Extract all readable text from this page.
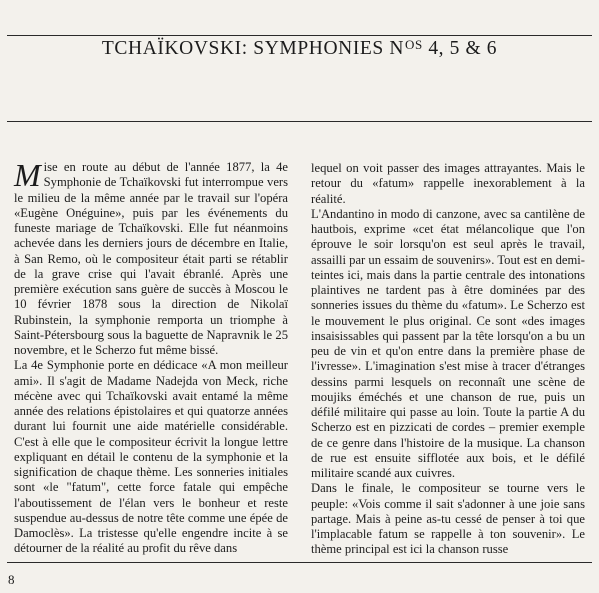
TCHAÏKOVSKI: SYMPHONIES $N^{OS}$ 4, 5 & 6

Mise en route au début de l'année 1877, la 4e Symphonie de Tchaïkovski fut interrompue vers le milieu de la même année par le travail sur l'opéra «Eugène Onéguine», puis par les événements du funeste mariage de Tchaïkovski. Elle fut néanmoins achevée dans les derniers jours de décembre en Italie, à San Remo, où le compositeur était parti se rétablir de la grave crise qui l'avait ébranlé. Après une première exécution sans guère de succès à Moscou le 10 février 1878 sous la direction de Nikolaï Rubinstein, la symphonie remporta un triomphe à Saint-Pétersbourg sous la baguette de Napravnik le 25 novembre, et le Scherzo fut même bissé.

La 4e Symphonie porte en dédicace «A mon meilleur ami». Il s'agit de Madame Nadejda von Meck, riche mécène avec qui Tchaïkovski avait entamé la même année des relations épistolaires et qui quatorze années durant lui fournit une aide matérielle considérable. C'est à elle que le compositeur écrivit la longue lettre expliquant en détail le contenu de la symphonie et la signification de chaque thème. Les sonneries initiales sont «le "fatum", cette force fatale qui empêche l'aboutissement de l'élan vers le bonheur et reste suspendue au-dessus de notre tête comme une épée de Damoclès». La tristesse qu'elle engendre incite à se détourner de la réalité au profit du rêve dans

lequel on voit passer des images attrayantes. Mais le retour du «fatum» rappelle inexorablement à la réalité.

L'Andantino in modo di canzone, avec sa cantilène de hautbois, exprime «cet état mélancolique que l'on éprouve le soir lorsqu'on est seul après le travail, assailli par un essaim de souvenirs». Tout est en demi-teintes ici, mais dans la partie centrale des intonations plaintives ne tardent pas à être dominées par des sonneries issues du thème du «fatum». Le Scherzo est le mouvement le plus original. Ce sont «des images insaisissables qui passent par la tête lorsqu'on a bu un peu de vin et qu'on entre dans la première phase de l'ivresse». L'imagination s'est mise à tracer d'étranges dessins parmi lesquels on reconnaît une scène de moujiks éméchés et une chanson de rue, puis un défilé militaire qui passe au loin. Toute la partie A du Scherzo est en pizzicati de cordes – premier exemple de ce genre dans l'histoire de la musique. La chanson de rue est ensuite sifflotée aux bois, et le défilé militaire scandé aux cuivres.

Dans le finale, le compositeur se tourne vers le peuple: «Vois comme il sait s'adonner à une joie sans partage. Mais à peine as-tu cessé de penser à toi que l'implacable fatum se rappelle à ton souvenir». Le thème principal est ici la chanson russe

8
